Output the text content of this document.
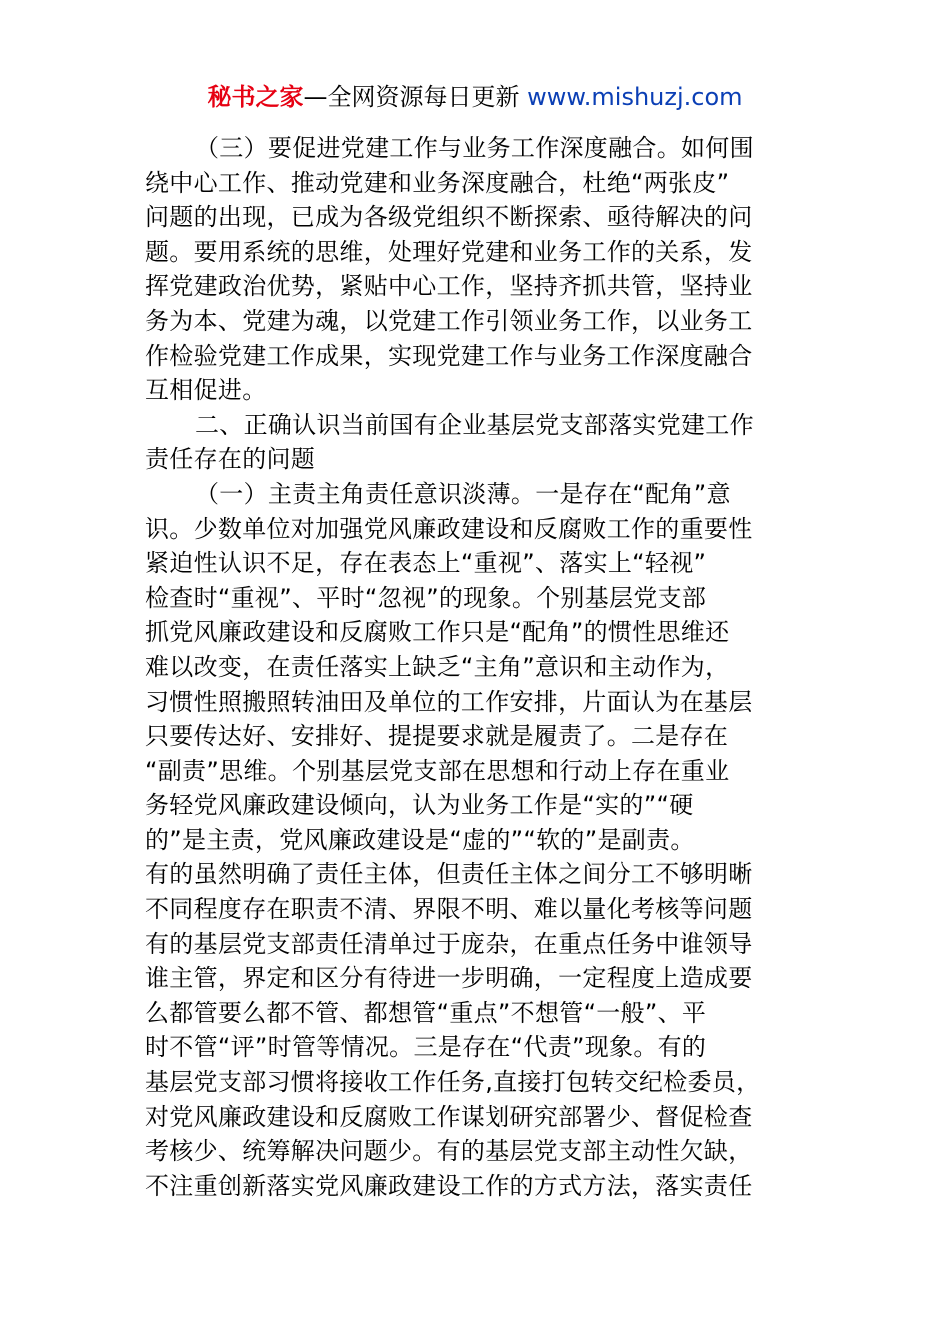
秘书之家—全网资源每日更新 www.mishuzj.com
（三）要促进党建工作与业务工作深度融合。如何围
绕中心工作、推动党建和业务深度融合，杜绝“两张皮”
问题的出现，已成为各级党组织不断探索、亟待解决的问
题。要用系统的思维，处理好党建和业务工作的关系，发
挥党建政治优势，紧贴中心工作，坚持齐抓共管，坚持业
务为本、党建为魂，以党建工作引领业务工作，以业务工
作检验党建工作成果，实现党建工作与业务工作深度融合
互相促进。
二、正确认识当前国有企业基层党支部落实党建工作
责任存在的问题
（一）主责主角责任意识淡薄。一是存在“配角”意
识。少数单位对加强党风廉政建设和反腐败工作的重要性
紧迫性认识不足，存在表态上“重视”、落实上“轻视”
检查时“重视”、平时“忽视”的现象。个别基层党支部
抓党风廉政建设和反腐败工作只是“配角”的惯性思维还
难以改变，在责任落实上缺乏“主角”意识和主动作为，
习惯性照搬照转油田及单位的工作安排，片面认为在基层
只要传达好、安排好、提提要求就是履责了。二是存在
“副责”思维。个别基层党支部在思想和行动上存在重业
务轻党风廉政建设倾向，认为业务工作是“实的”“硬
的”是主责，党风廉政建设是“虚的”“软的”是副责。
有的虽然明确了责任主体，但责任主体之间分工不够明晰
不同程度存在职责不清、界限不明、难以量化考核等问题
有的基层党支部责任清单过于庞杂，在重点任务中谁领导
谁主管，界定和区分有待进一步明确，一定程度上造成要
么都管要么都不管、都想管“重点”不想管“一般”、平
时不管“评”时管等情况。三是存在“代责”现象。有的
基层党支部习惯将接收工作任务,直接打包转交纪检委员，
对党风廉政建设和反腐败工作谋划研究部署少、督促检查
考核少、统筹解决问题少。有的基层党支部主动性欠缺，
不注重创新落实党风廉政建设工作的方式方法，落实责任
